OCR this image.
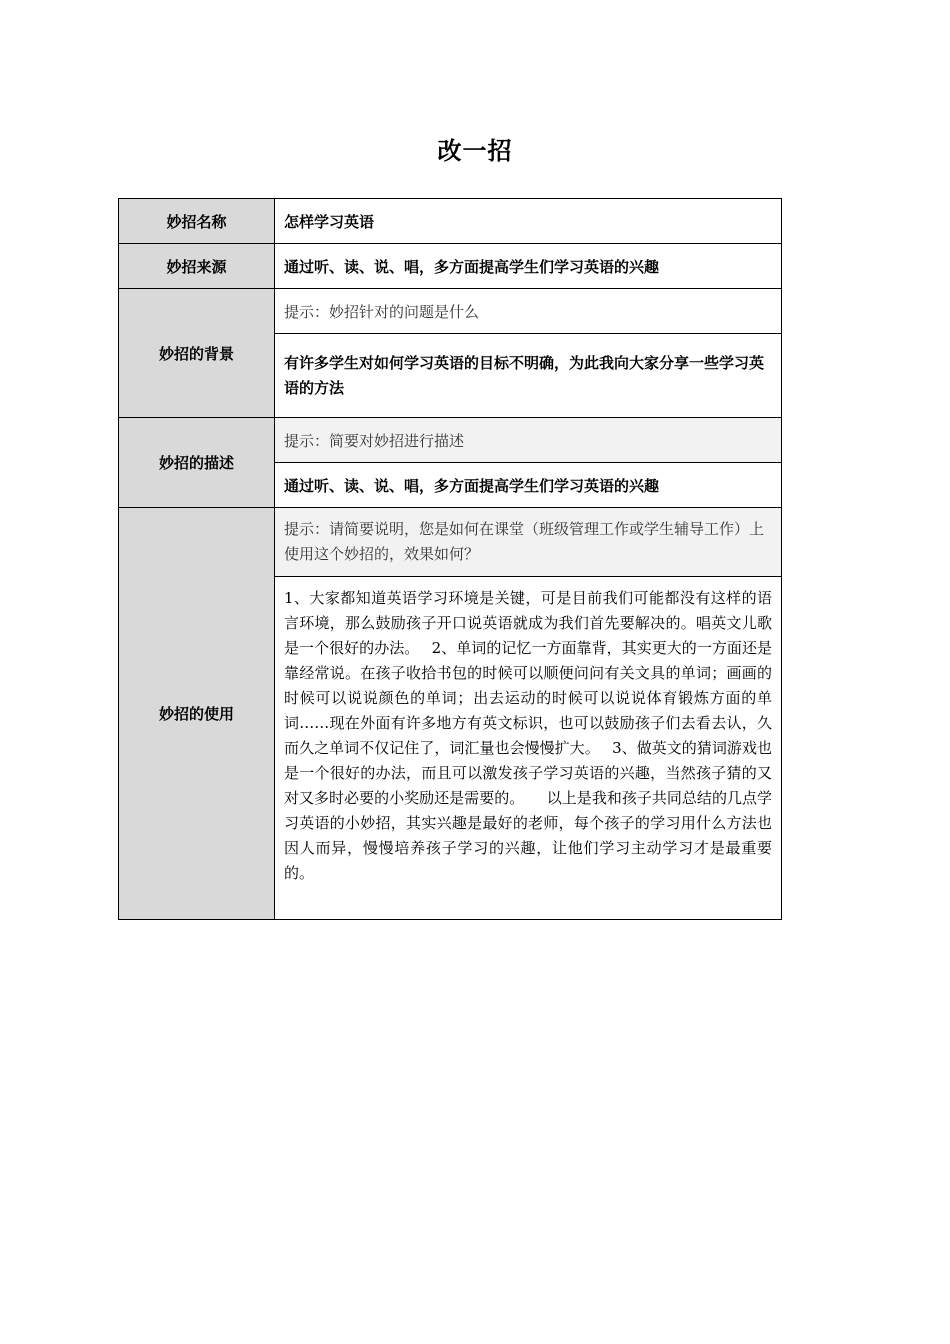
改一招
妙招名称	怎样学习英语
妙招来源	通过听、读、说、唱，多方面提高学生们学习英语的兴趣
妙招的背景	提示：妙招针对的问题是什么
	有许多学生对如何学习英语的目标不明确，为此我向大家分享一些学习英语的方法
妙招的描述	提示：简要对妙招进行描述
	通过听、读、说、唱，多方面提高学生们学习英语的兴趣
妙招的使用	提示：请简要说明，您是如何在课堂（班级管理工作或学生辅导工作）上使用这个妙招的，效果如何？
	1、大家都知道英语学习环境是关键，可是目前我们可能都没有这样的语言环境，那么鼓励孩子开口说英语就成为我们首先要解决的。唱英文儿歌是一个很好的办法。　 2、单词的记忆一方面靠背，其实更大的一方面还是靠经常说。在孩子收拾书包的时候可以顺便问问有关文具的单词；画画的时候可以说说颜色的单词；出去运动的时候可以说说体育锻炼方面的单词……现在外面有许多地方有英文标识，也可以鼓励孩子们去看去认，久而久之单词不仅记住了，词汇量也会慢慢扩大。　 3、做英文的猜词游戏也是一个很好的办法，而且可以激发孩子学习英语的兴趣，当然孩子猜的又对又多时必要的小奖励还是需要的。　　以上是我和孩子共同总结的几点学习英语的小妙招，其实兴趣是最好的老师，每个孩子的学习用什么方法也因人而异，慢慢培养孩子学习的兴趣，让他们学习主动学习才是最重要的。
